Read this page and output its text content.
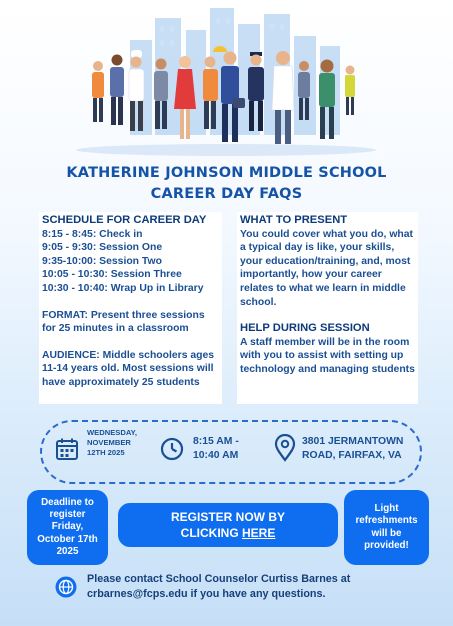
KATHERINE JOHNSON MIDDLE SCHOOL
CAREER DAY FAQS
SCHEDULE FOR CAREER DAY
8:15 - 8:45: Check in
9:05 - 9:30: Session One
9:35-10:00: Session Two
10:05 - 10:30: Session Three
10:30 - 10:40: Wrap Up in Library
FORMAT: Present three sessions for 25 minutes in a classroom
AUDIENCE: Middle schoolers ages 11-14 years old. Most sessions will have approximately 25 students
WHAT TO PRESENT
You could cover what you do, what a typical day is like, your skills, your education/training, and, most importantly, how your career relates to what we learn in middle school.
HELP DURING SESSION
A staff member will be in the room with you to assist with setting up technology and managing students
WEDNESDAY,
NOVEMBER
12TH 2025
8:15 AM -
10:40 AM
3801 JERMANTOWN
ROAD, FAIRFAX, VA
Deadline to
register
Friday,
October 17th
2025
REGISTER NOW BY
CLICKING HERE
Light
refreshments
will be
provided!
Please contact School Counselor Curtiss Barnes at
crbarnes@fcps.edu if you have any questions.
